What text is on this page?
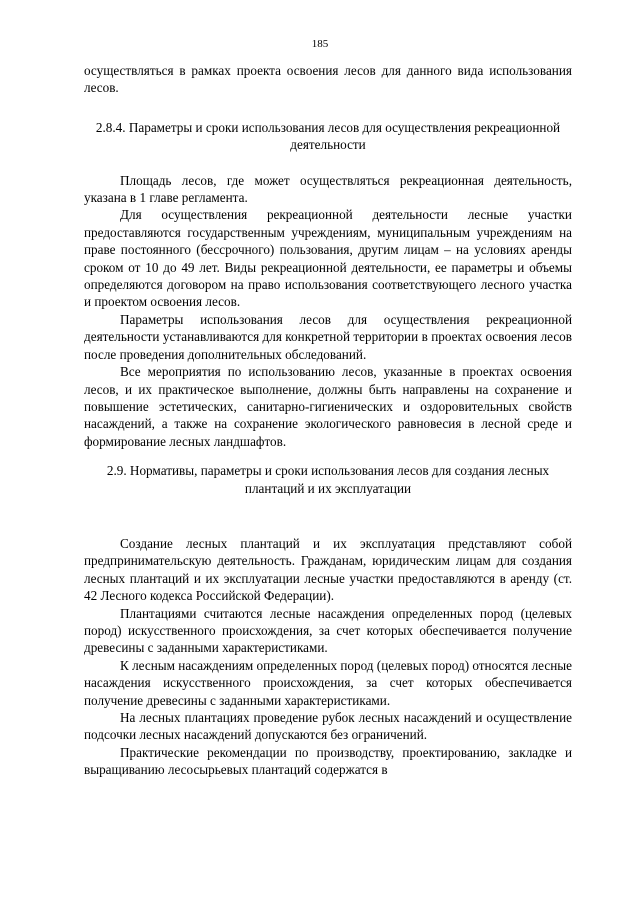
185

осуществляться в рамках проекта освоения лесов для данного вида использования лесов.

2.8.4. Параметры и сроки использования лесов для осуществления рекреационной деятельности

Площадь лесов, где может осуществляться рекреационная деятельность, указана в 1 главе регламента.

Для осуществления рекреационной деятельности лесные участки предоставляются государственным учреждениям, муниципальным учреждениям на праве постоянного (бессрочного) пользования, другим лицам – на условиях аренды сроком от 10 до 49 лет. Виды рекреационной деятельности, ее параметры и объемы определяются договором на право использования соответствующего лесного участка и проектом освоения лесов.

Параметры использования лесов для осуществления рекреационной деятельности устанавливаются для конкретной территории в проектах освоения лесов после проведения дополнительных обследований.

Все мероприятия по использованию лесов, указанные в проектах освоения лесов, и их практическое выполнение, должны быть направлены на сохранение и повышение эстетических, санитарно-гигиенических и оздоровительных свойств насаждений, а также на сохранение экологического равновесия в лесной среде и формирование лесных ландшафтов.

2.9. Нормативы, параметры и сроки использования лесов для создания лесных плантаций и их эксплуатации

Создание лесных плантаций и их эксплуатация представляют собой предпринимательскую деятельность. Гражданам, юридическим лицам для создания лесных плантаций и их эксплуатации лесные участки предоставляются в аренду (ст. 42 Лесного кодекса Российской Федерации).

Плантациями считаются лесные насаждения определенных пород (целевых пород) искусственного происхождения, за счет которых обеспечивается получение древесины с заданными характеристиками.

К лесным насаждениям определенных пород (целевых пород) относятся лесные насаждения искусственного происхождения, за счет которых обеспечивается получение древесины с заданными характеристиками.

На лесных плантациях проведение рубок лесных насаждений и осуществление подсочки лесных насаждений допускаются без ограничений.

Практические рекомендации по производству, проектированию, закладке и выращиванию лесосырьевых плантаций содержатся в
